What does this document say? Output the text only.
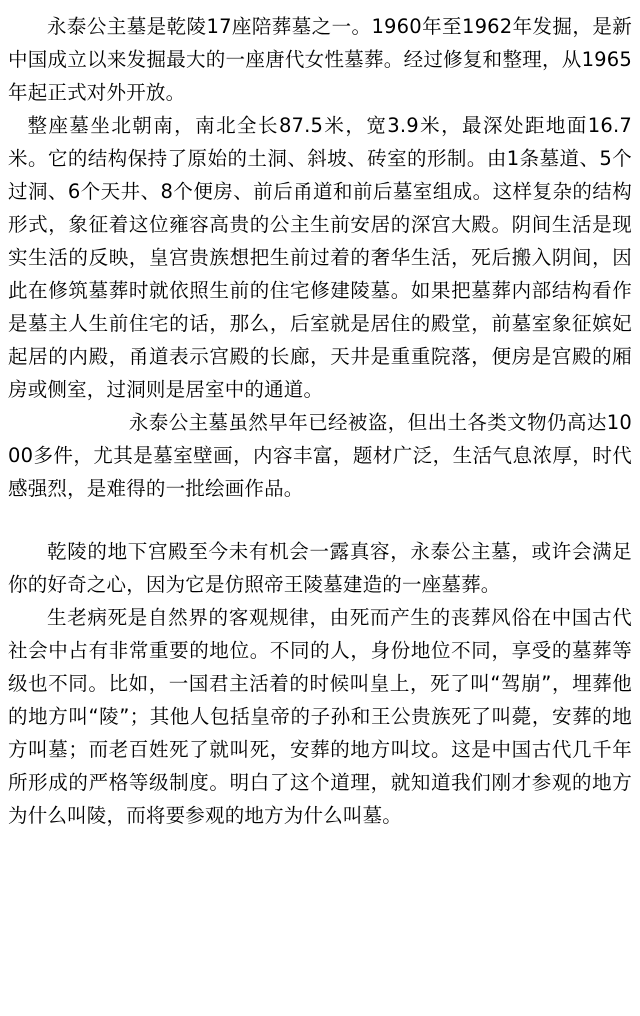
永泰公主墓是乾陵17座陪葬墓之一。1960年至1962年发掘，是新中国成立以来发掘最大的一座唐代女性墓葬。经过修复和整理，从1965年起正式对外开放。

整座墓坐北朝南，南北全长87.5米，宽3.9米，最深处距地面16.7米。它的结构保持了原始的土洞、斜坡、砖室的形制。由1条墓道、5个过洞、6个天井、8个便房、前后甬道和前后墓室组成。这样复杂的结构形式，象征着这位雍容高贵的公主生前安居的深宫大殿。阴间生活是现实生活的反映，皇宫贵族想把生前过着的奢华生活，死后搬入阴间，因此在修筑墓葬时就依照生前的住宅修建陵墓。如果把墓葬内部结构看作是墓主人生前住宅的话，那么，后室就是居住的殿堂，前墓室象征嫔妃起居的内殿，甬道表示宫殿的长廊，天井是重重院落，便房是宫殿的厢房或侧室，过洞则是居室中的通道。

永泰公主墓虽然早年已经被盗，但出土各类文物仍高达1000多件，尤其是墓室壁画，内容丰富，题材广泛，生活气息浓厚，时代感强烈，是难得的一批绘画作品。

乾陵的地下宫殿至今未有机会一露真容，永泰公主墓，或许会满足你的好奇之心，因为它是仿照帝王陵墓建造的一座墓葬。

生老病死是自然界的客观规律，由死而产生的丧葬风俗在中国古代社会中占有非常重要的地位。不同的人，身份地位不同，享受的墓葬等级也不同。比如，一国君主活着的时候叫皇上，死了叫“驾崩”，埋葬他的地方叫“陵”；其他人包括皇帝的子孙和王公贵族死了叫薨，安葬的地方叫墓；而老百姓死了就叫死，安葬的地方叫坟。这是中国古代几千年所形成的严格等级制度。明白了这个道理，就知道我们刚才参观的地方为什么叫陵，而将要参观的地方为什么叫墓。
